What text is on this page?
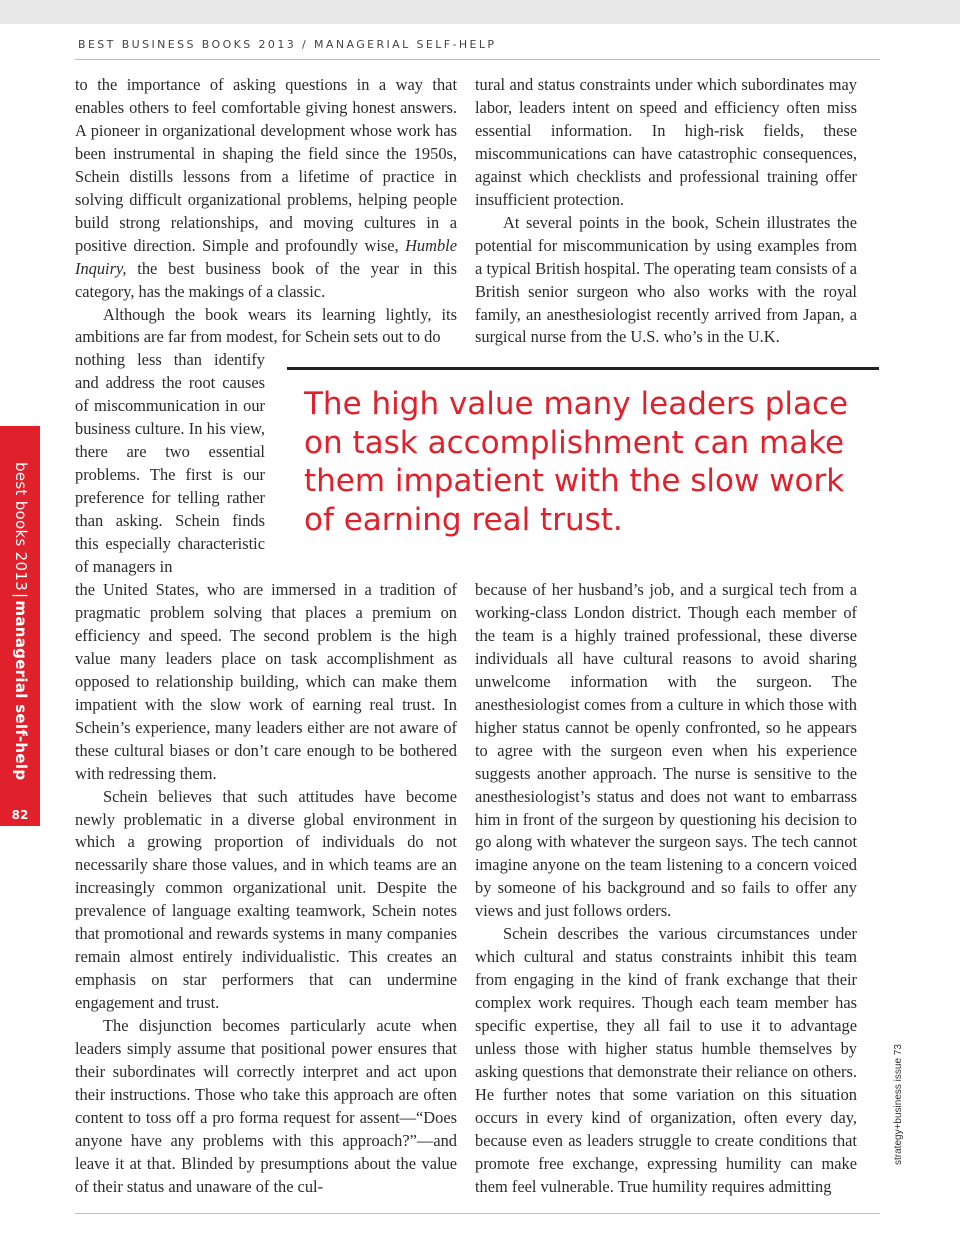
BEST BUSINESS BOOKS 2013 / MANAGERIAL SELF-HELP

to the importance of asking questions in a way that enables others to feel comfortable giving honest answers. A pioneer in organizational development whose work has been instrumental in shaping the field since the 1950s, Schein distills lessons from a lifetime of practice in solving difficult organizational problems, helping people build strong relationships, and moving cultures in a positive direction. Simple and profoundly wise, Humble Inquiry, the best business book of the year in this category, has the makings of a classic.

Although the book wears its learning lightly, its ambitions are far from modest, for Schein sets out to do

nothing less than identify and address the root causes of miscommunication in our business culture. In his view, there are two essential problems. The first is our preference for telling rather than asking. Schein finds this especially characteristic of managers in

the United States, who are immersed in a tradition of pragmatic problem solving that places a premium on efficiency and speed. The second problem is the high value many leaders place on task accomplishment as opposed to relationship building, which can make them impatient with the slow work of earning real trust. In Schein’s experience, many leaders either are not aware of these cultural biases or don’t care enough to be bothered with redressing them.

Schein believes that such attitudes have become newly problematic in a diverse global environment in which a growing proportion of individuals do not necessarily share those values, and in which teams are an increasingly common organizational unit. Despite the prevalence of language exalting teamwork, Schein notes that promotional and rewards systems in many companies remain almost entirely individualistic. This creates an emphasis on star performers that can undermine engagement and trust.

The disjunction becomes particularly acute when leaders simply assume that positional power ensures that their subordinates will correctly interpret and act upon their instructions. Those who take this approach are often content to toss off a pro forma request for assent—“Does anyone have any problems with this approach?”—and leave it at that. Blinded by presumptions about the value of their status and unaware of the cul-

tural and status constraints under which subordinates may labor, leaders intent on speed and efficiency often miss essential information. In high-risk fields, these miscommunications can have catastrophic consequences, against which checklists and professional training offer insufficient protection.

At several points in the book, Schein illustrates the potential for miscommunication by using examples from a typical British hospital. The operating team consists of a British senior surgeon who also works with the royal family, an anesthesiologist recently arrived from Japan, a surgical nurse from the U.S. who’s in the U.K.

The high value many leaders place on task accomplishment can make them impatient with the slow work of earning real trust.

because of her husband’s job, and a surgical tech from a working-class London district. Though each member of the team is a highly trained professional, these diverse individuals all have cultural reasons to avoid sharing unwelcome information with the surgeon. The anesthesiologist comes from a culture in which those with higher status cannot be openly confronted, so he appears to agree with the surgeon even when his experience suggests another approach. The nurse is sensitive to the anesthesiologist’s status and does not want to embarrass him in front of the surgeon by questioning his decision to go along with whatever the surgeon says. The tech cannot imagine anyone on the team listening to a concern voiced by someone of his background and so fails to offer any views and just follows orders.

Schein describes the various circumstances under which cultural and status constraints inhibit this team from engaging in the kind of frank exchange that their complex work requires. Though each team member has specific expertise, they all fail to use it to advantage unless those with higher status humble themselves by asking questions that demonstrate their reliance on others. He further notes that some variation on this situation occurs in every kind of organization, often every day, because even as leaders struggle to create conditions that promote free exchange, expressing humility can make them feel vulnerable. True humility requires admitting

best books 2013|managerial self-help
82
strategy+business issue 73
